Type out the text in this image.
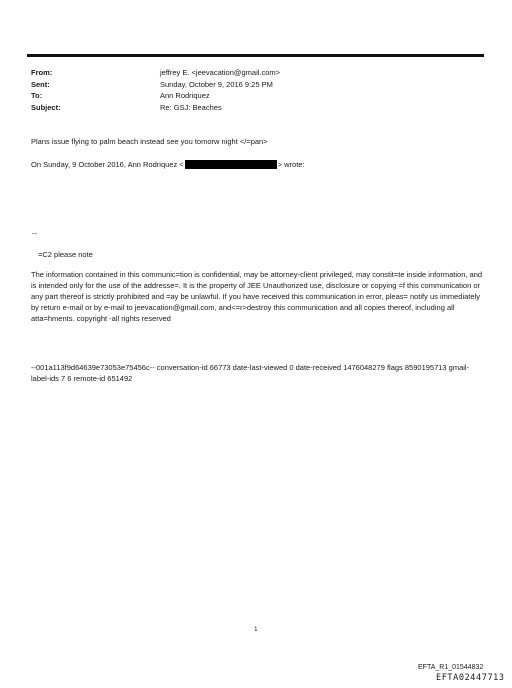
From:	jeffrey E. <jeevacation@gmail.com>
Sent:	Sunday, October 9, 2016 9:25 PM
To:	Ann Rodriquez
Subject:	Re: GSJ: Beaches
Plans issue flying to palm beach instead see you tomorw night </=pan>
On Sunday, 9 October 2016, Ann Rodriquez <	> wrote:
--
=C2 please note
The information contained in this communic=tion is confidential, may be attorney-client privileged, may constit=te inside information, and is intended only for the use of the addresse=. It is the property of JEE Unauthorized use, disclosure or copying =f this communication or any part thereof is strictly prohibited and =ay be unlawful. If you have received this communication in error, pleas= notify us immediately by return e-mail or by e-mail to jeevacation@gmail.com, and<=r>destroy this communication and all copies thereof, including all atta=hments. copyright -all rights reserved
--001a113f9d64639e73053e75456c-- conversation-id 66773 date-last-viewed 0 date-received 1476048279 flags 8590195713 gmail-label-ids 7 6 remote-id 651492
1
EFTA_R1_01544832
EFTA02447713
